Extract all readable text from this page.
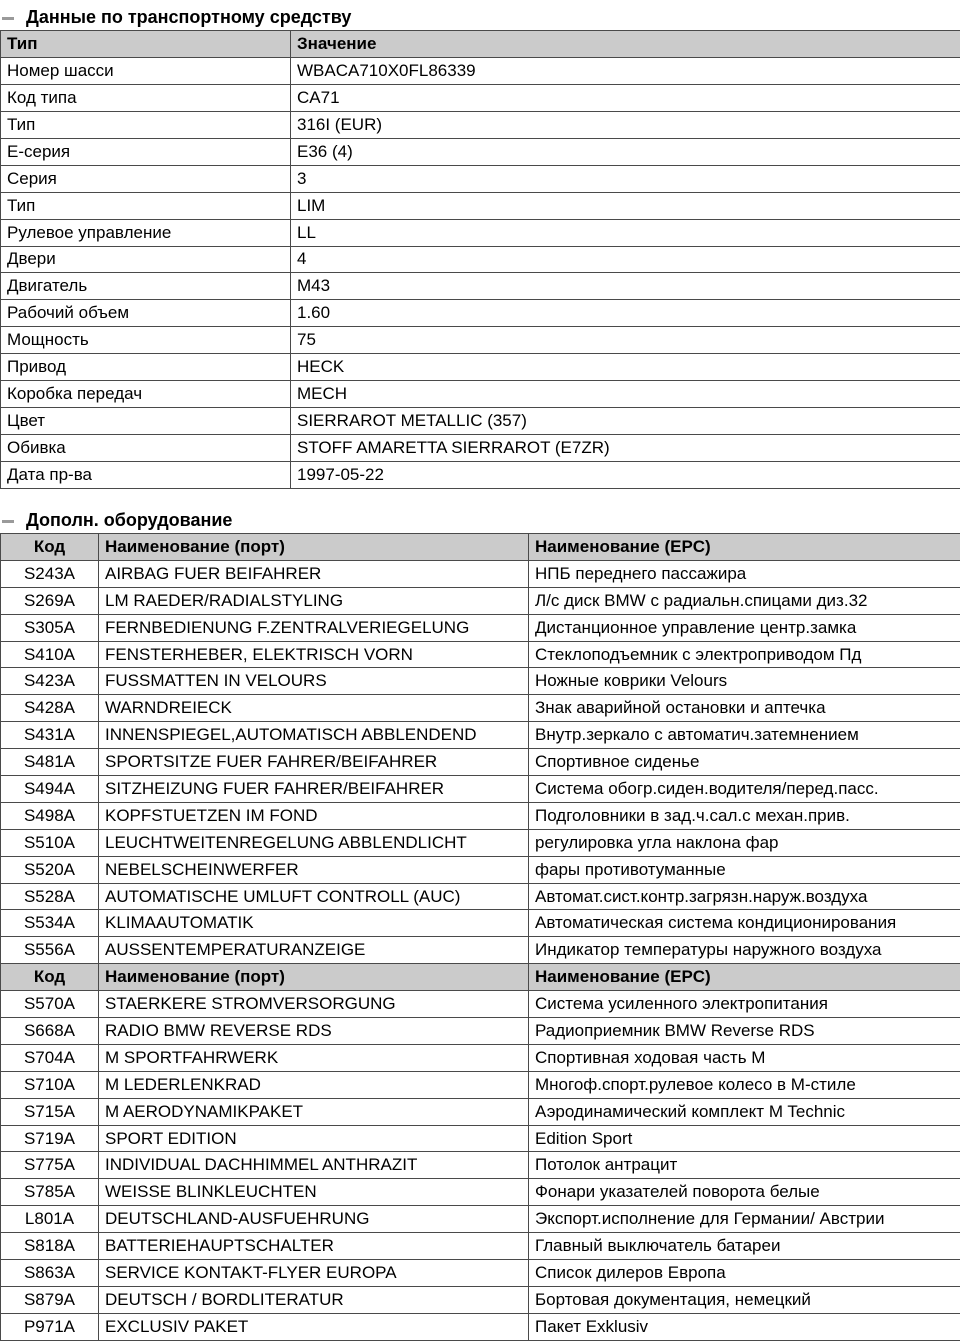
Данные по транспортному средству
Тип	Значение
Номер шасси	WBACA710X0FL86339
Код типа	CA71
Тип	316I (EUR)
Е-серия	E36 (4)
Серия	3
Тип	LIM
Рулевое управление	LL
Двери	4
Двигатель	M43
Рабочий объем	1.60
Мощность	75
Привод	HECK
Коробка передач	MECH
Цвет	SIERRAROT METALLIC (357)
Обивка	STOFF AMARETTA SIERRAROT (E7ZR)
Дата пр-ва	1997-05-22
Дополн. оборудование
Код	Наименование (порт)	Наименование (EPC)
S243A	AIRBAG FUER BEIFAHRER	НПБ переднего пассажира
S269A	LM RAEDER/RADIALSTYLING	Л/с диск BMW с радиальн.спицами диз.32
S305A	FERNBEDIENUNG F.ZENTRALVERIEGELUNG	Дистанционное управление центр.замка
S410A	FENSTERHEBER, ELEKTRISCH VORN	Стеклоподъемник с электроприводом Пд
S423A	FUSSMATTEN IN VELOURS	Ножные коврики Velours
S428A	WARNDREIECK	Знак аварийной остановки и аптечка
S431A	INNENSPIEGEL,AUTOMATISCH ABBLENDEND	Внутр.зеркало с автоматич.затемнением
S481A	SPORTSITZE FUER FAHRER/BEIFAHRER	Спортивное сиденье
S494A	SITZHEIZUNG FUER FAHRER/BEIFAHRER	Система обогр.сиден.водителя/перед.пасс.
S498A	KOPFSTUETZEN IM FOND	Подголовники в зад.ч.сал.с механ.прив.
S510A	LEUCHTWEITENREGELUNG ABBLENDLICHT	регулировка угла наклона фар
S520A	NEBELSCHEINWERFER	фары противотуманные
S528A	AUTOMATISCHE UMLUFT CONTROLL (AUC)	Автомат.сист.контр.загрязн.наруж.воздуха
S534A	KLIMAAUTOMATIK	Автоматическая система кондиционирования
S556A	AUSSENTEMPERATURANZEIGE	Индикатор температуры наружного воздуха
Код	Наименование (порт)	Наименование (EPC)
S570A	STAERKERE STROMVERSORGUNG	Система усиленного электропитания
S668A	RADIO BMW REVERSE RDS	Радиоприемник BMW Reverse RDS
S704A	M SPORTFAHRWERK	Спортивная ходовая часть M
S710A	M LEDERLENKRAD	Многоф.спорт.рулевое колесо в М-стиле
S715A	M AERODYNAMIKPAKET	Аэродинамический комплект M Technic
S719A	SPORT EDITION	Edition Sport
S775A	INDIVIDUAL DACHHIMMEL ANTHRAZIT	Потолок антрацит
S785A	WEISSE BLINKLEUCHTEN	Фонари указателей поворота белые
L801A	DEUTSCHLAND-AUSFUEHRUNG	Экспорт.исполнение для Германии/ Австрии
S818A	BATTERIEHAUPTSCHALTER	Главный выключатель батареи
S863A	SERVICE KONTAKT-FLYER EUROPA	Список дилеров Европа
S879A	DEUTSCH / BORDLITERATUR	Бортовая документация, немецкий
P971A	EXCLUSIV PAKET	Пакет Exklusiv
